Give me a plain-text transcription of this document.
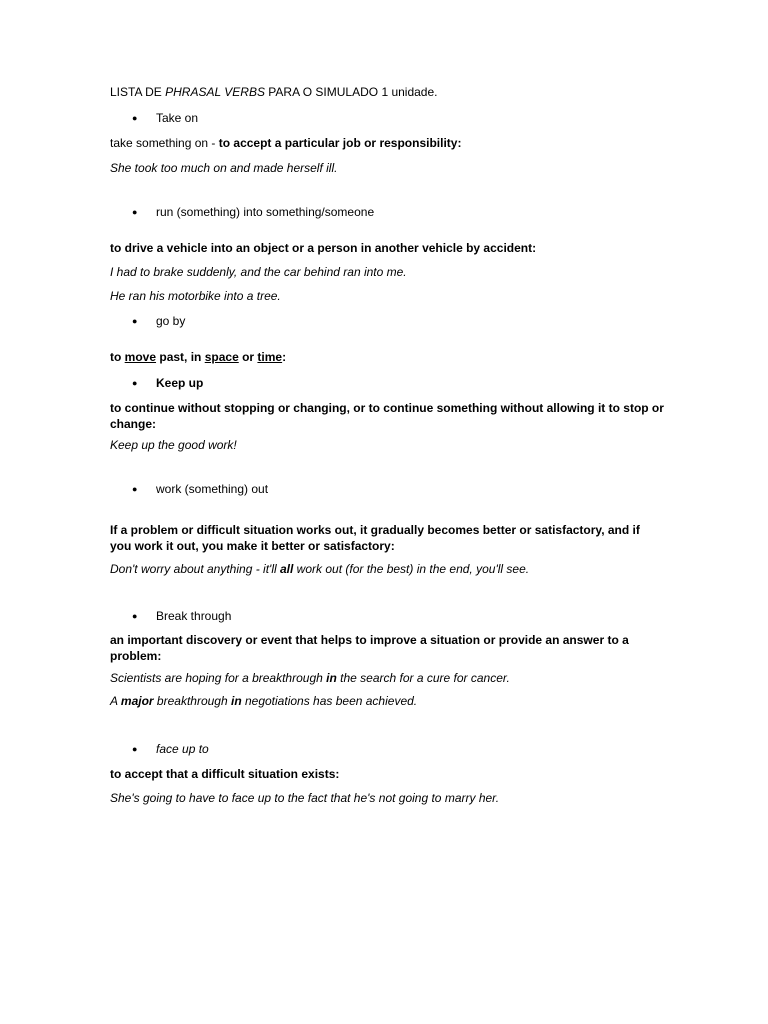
LISTA DE PHRASAL VERBS PARA O SIMULADO 1 unidade.
● Take on
take something on - to accept a particular job or responsibility:
She took too much on and made herself ill.
● run (something) into something/someone
to drive a vehicle into an object or a person in another vehicle by accident:
I had to brake suddenly, and the car behind ran into me.
He ran his motorbike into a tree.
● go by
to move past, in space or time:
● Keep up
to continue without stopping or changing, or to continue something without allowing it to stop or change:
Keep up the good work!
● work (something) out
If a problem or difficult situation works out, it gradually becomes better or satisfactory, and if you work it out, you make it better or satisfactory:
Don't worry about anything - it'll all work out (for the best) in the end, you'll see.
● Break through
an important discovery or event that helps to improve a situation or provide an answer to a problem:
Scientists are hoping for a breakthrough in the search for a cure for cancer.
A major breakthrough in negotiations has been achieved.
● face up to
to accept that a difficult situation exists:
She's going to have to face up to the fact that he's not going to marry her.
